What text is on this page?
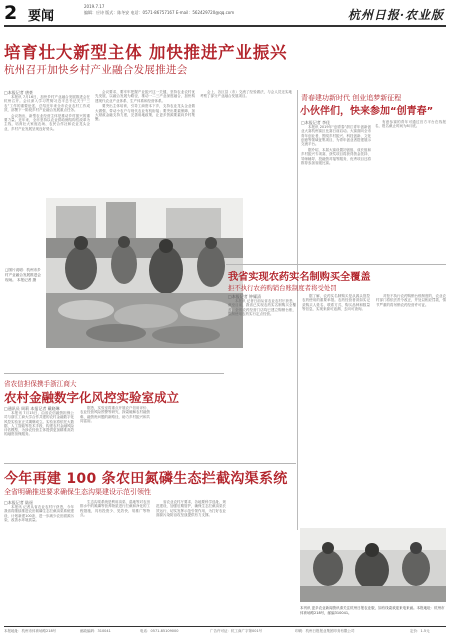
2 要闻
2019.7.17
编辑：应诗 版式：陈冬安 电话：0571-86757167 E-mail：562429720@qq.com	杭州日报·农业版
培育壮大新型主体 加快推进产业振兴
杭州召开加快乡村产业融合发展推进会
□本报记者 唐豪

本报讯 7月16日，加快乡村产业融合发展推进会在杭州召开。会议深入学习贯彻习近平总书记关于“三农”工作的重要论述，总结近年来全市农业农村工作成效，部署下一阶段乡村产业融合发展重点任务。

会议指出，新型农业经营主体是推动乡村振兴的重要力量。近年来，全市坚持以农业供给侧结构性改革为主线，培育壮大家庭农场、农民合作社和农业龙头企业，乡村产业发展呈现良好势头。

会议要求，要牢牢把握产业振兴这一关键，坚持农业农村优先发展，以融合发展为路径，推动一二三产业深度融合，加快构建现代农业产业体系、生产体系和经营体系。

要突出主体培育，引导工商资本下乡，支持农业龙头企业做大做强，带动小农户与现代农业有机衔接；要突出要素保障，加大财政金融支持力度，完善用地政策，让更多资源要素向乡村集聚。

会上，各区县（市）交流了经验做法，与会人员还实地考察了部分产业融合发展项目。

□图片说明：杭州市乡村产业融合发展推进会现场。 本报记者 摄
青春建功新时代 创业追梦新征程
小伙伴们，快来参加“创青春”
□本报记者 李佳

本报讯 2019年“创青春”浙江青年创新创业大赛杭州赛区比赛日前启动。大赛面向全市青年创业者，围绕乡村振兴、科技创新、文化创意等领域征集项目，为青年创业者搭建展示交流平台。

据介绍，本届大赛设置初创组、成长组和乡村振兴专项赛，获奖项目将获得资金扶持、导师辅导、投融资对接等服务，优秀项目还将推荐参加省级比赛。

有意参赛的青年可通过官方平台在线报名，报名截止时间为8月底。

我省实现农药实名制购买全覆盖
拒不执行农药购销台账制度者将受处罚
□本报记者 钟耀清

本报讯 记者日前从省农业农村厅获悉，截至目前，我省已实现农药实名制购买全覆盖，全省农药经营门店均已建立购销台账，限制使用农药实行定点经营。

据了解，农药实名制购买是从源头管控农药使用的重要举措。农药经营者须如实记录购买人姓名、联系方式、购买品种和数量等信息，实现来源可追溯、去向可查询。

对拒不执行农药购销台账制度的，农业农村部门将依法责令改正，并处以相应罚款，情节严重的将吊销农药经营许可证。

省农信担保携手浙江商大
农村金融数字化风控实验室成立
□通讯员 周莉 本报记者 戴晓琳

本报讯 7月15日，由省农信融资担保公司与浙江工商大学合作共建的农村金融数字化风控实验室正式揭牌成立。实验室将依托大数据、人工智能等技术手段，构建农村金融风险评估模型，为涉农经营主体提供更加精准高效的融资担保服务。

据悉，实验室将重点开展农户信用评价、农业经营风险预警等研究，探索破解农村融资难、融资贵问题的新路径，助力乡村振兴和共同富裕。

今年再建 100 条农田氮磷生态拦截沟渠系统
全省明确推进要求确保生态沟渠建设示范引领性
□本报记者 陆遥

本报讯 记者从省农业农村厅获悉，今年我省将继续推进农田氮磷生态拦截沟渠系统建设，计划新建100条，进一步减少农田面源污染，改善水环境质量。

生态沟渠系统是利用沟渠、湿地等对农田排水中的氮磷等营养物质进行拦截和净化的工程措施，具有投资少、见效快、易推广等特点。

省农业农村厅要求，各地要科学选址、规范建设，加强后期管护，确保生态拦截沟渠长效运行，切实发挥示范引领作用，为打好农业面源污染防治攻坚战提供有力支撑。

本刊讯 更多农业新闻资讯请关注杭州日报农业版，如有线索欢迎来电来函。本报地址：杭州市体育场路218号，邮编310041。
本报地址：杭州市体育场路218号	邮政编码：310041	电话：0571-85109000	广告许可证：杭工商广字第001号	印刷：杭州日报报业集团印务有限公司	定价：1.5元
